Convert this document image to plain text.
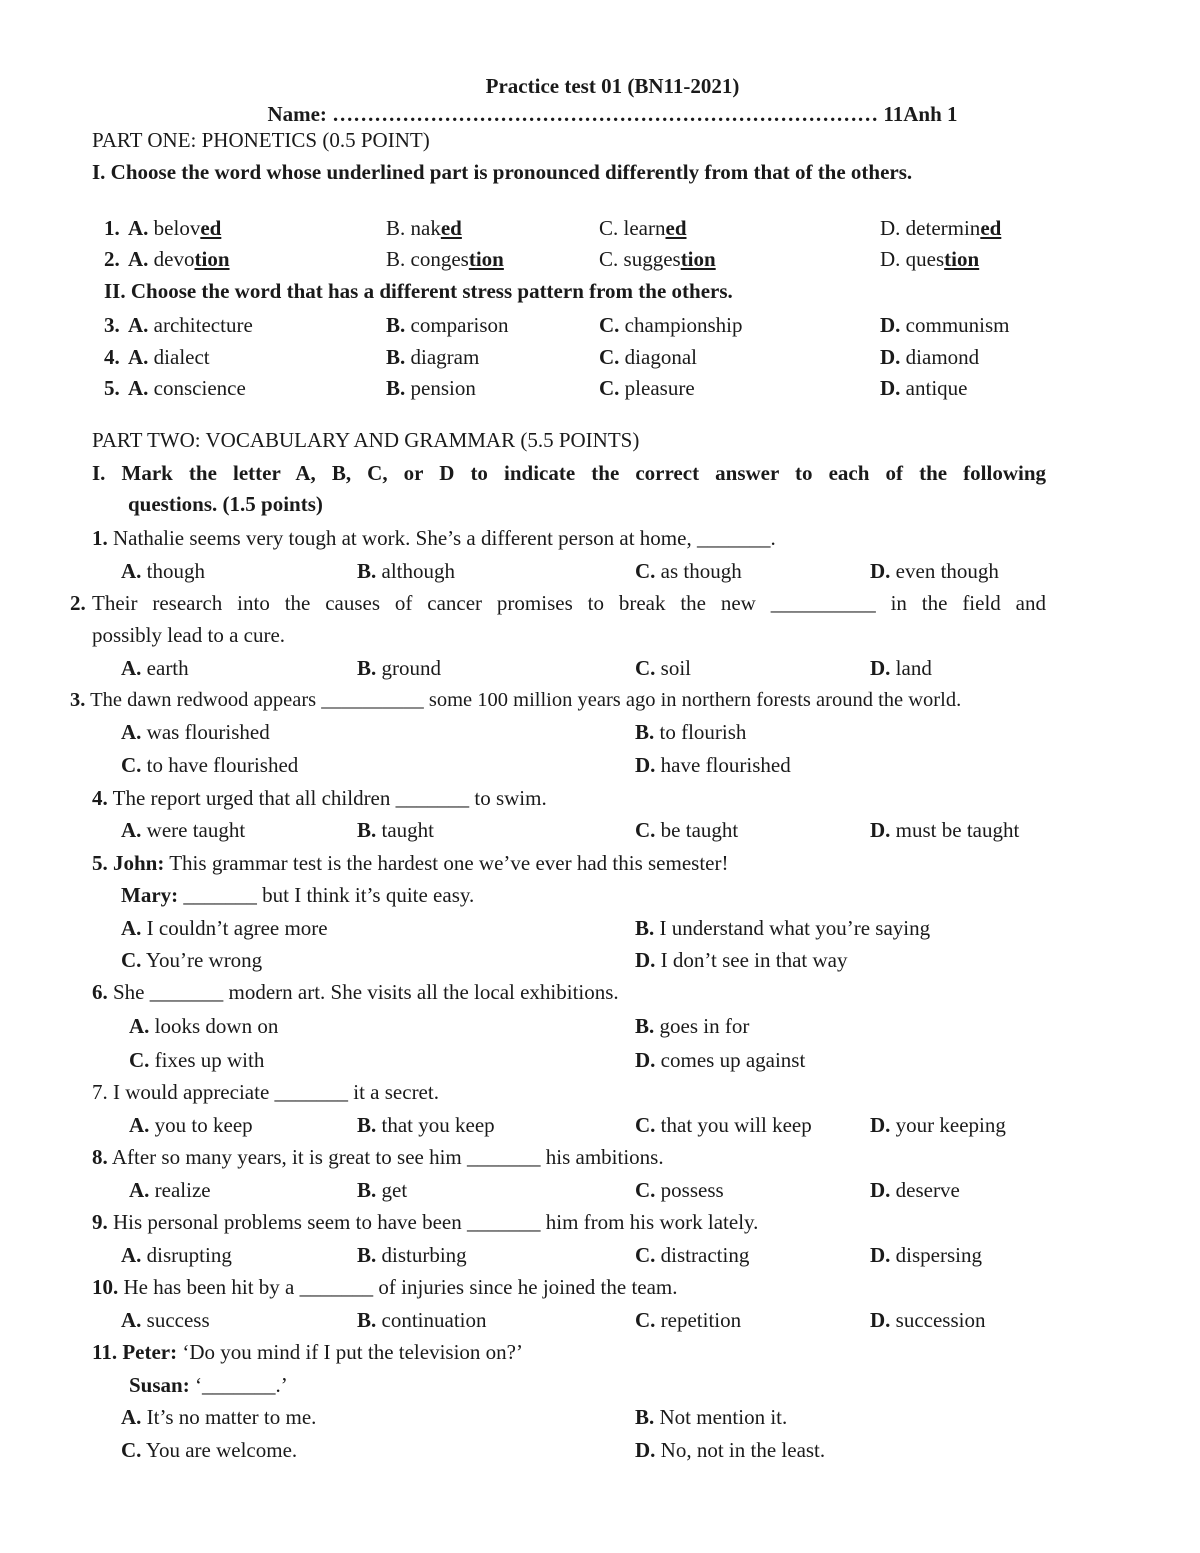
Practice test 01 (BN11-2021)
Name: …………………………………………………………………… 11Anh 1
PART ONE: PHONETICS (0.5 POINT)
I. Choose the word whose underlined part is pronounced differently from that of the others.
1. A. beloved	B. naked	C. learned	D. determined
2. A. devotion	B. congestion	C. suggestion	D. question
II. Choose the word that has a different stress pattern from the others.
3. A. architecture	B. comparison	C. championship	D. communism
4. A. dialect	B. diagram	C. diagonal	D. diamond
5. A. conscience	B. pension	C. pleasure	D. antique
PART TWO: VOCABULARY AND GRAMMAR (5.5 POINTS)
I. Mark the letter A, B, C, or D to indicate the correct answer to each of the following
questions. (1.5 points)
1. Nathalie seems very tough at work. She’s a different person at home, _______.
A. though	B. although	C. as though	D. even though
2. Their research into the causes of cancer promises to break the new __________ in the field and
possibly lead to a cure.
A. earth	B. ground	C. soil	D. land
3. The dawn redwood appears __________ some 100 million years ago in northern forests around the world.
A. was flourished	B. to flourish
C. to have flourished	D. have flourished
4. The report urged that all children _______ to swim.
A. were taught	B. taught	C. be taught	D. must be taught
5. John: This grammar test is the hardest one we’ve ever had this semester!
Mary: _______ but I think it’s quite easy.
A. I couldn’t agree more	B. I understand what you’re saying
C. You’re wrong	D. I don’t see in that way
6. She _______ modern art. She visits all the local exhibitions.
A. looks down on	B. goes in for
C. fixes up with	D. comes up against
7. I would appreciate _______ it a secret.
A. you to keep	B. that you keep	C. that you will keep	D. your keeping
8. After so many years, it is great to see him _______ his ambitions.
A. realize	B. get	C. possess	D. deserve
9. His personal problems seem to have been _______ him from his work lately.
A. disrupting	B. disturbing	C. distracting	D. dispersing
10. He has been hit by a _______ of injuries since he joined the team.
A. success	B. continuation	C. repetition	D. succession
11. Peter: ‘Do you mind if I put the television on?’
Susan: ‘_______.’
A. It’s no matter to me.	B. Not mention it.
C. You are welcome.	D. No, not in the least.
